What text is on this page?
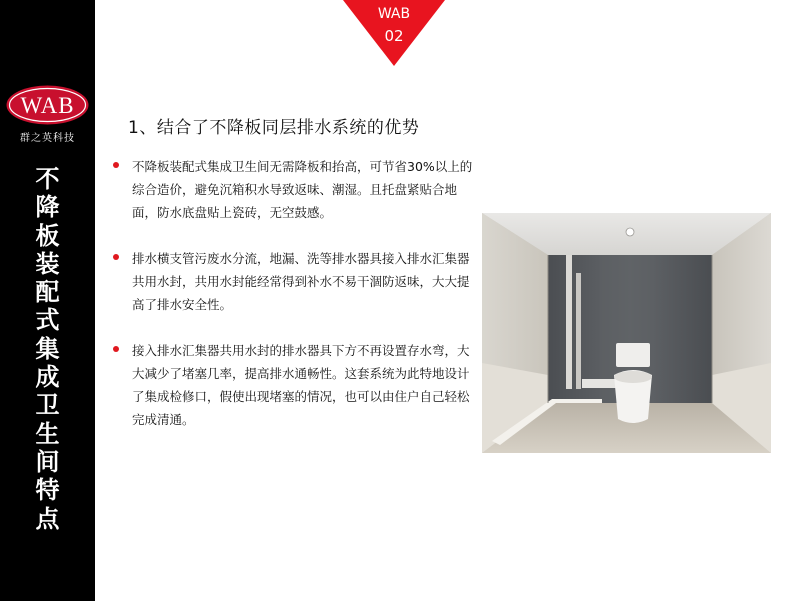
WAB
群之英科技
不
降
板
装
配
式
集
成
卫
生
间
特
点
WAB
02
1、结合了不降板同层排水系统的优势
不降板装配式集成卫生间无需降板和抬高，可节省30%以上的综合造价，避免沉箱积水导致返味、潮湿。且托盘紧贴合地面，防水底盘贴上瓷砖，无空鼓感。
排水横支管污废水分流，地漏、洗等排水器具接入排水汇集器共用水封，共用水封能经常得到补水不易干涸防返味，大大提高了排水安全性。
接入排水汇集器共用水封的排水器具下方不再设置存水弯，大大减少了堵塞几率，提高排水通畅性。这套系统为此特地设计了集成检修口，假使出现堵塞的情况，也可以由住户自己轻松完成清通。
